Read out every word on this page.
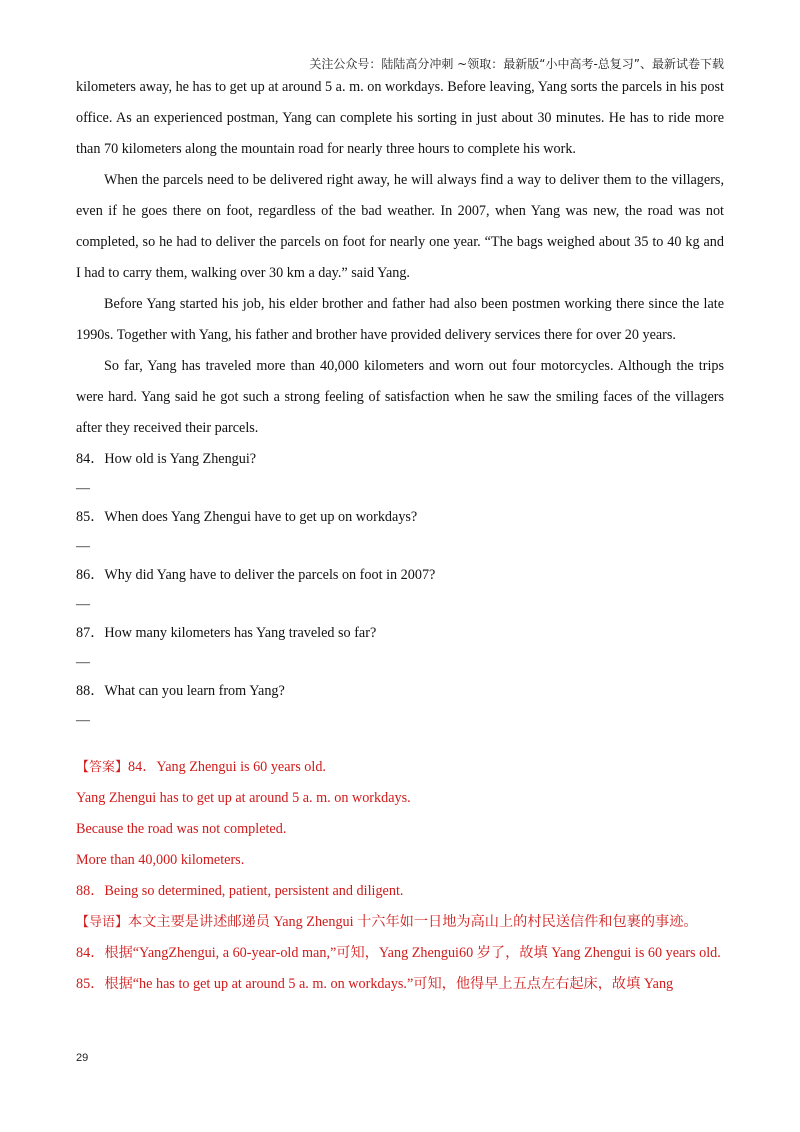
关注公众号：陆陆高分冲刺 ~领取：最新版“小中高考-总复习”、最新试卷下载

kilometers away, he has to get up at around 5 a. m. on workdays. Before leaving, Yang sorts the parcels in his post office. As an experienced postman, Yang can complete his sorting in just about 30 minutes. He has to ride more than 70 kilometers along the mountain road for nearly three hours to complete his work.

When the parcels need to be delivered right away, he will always find a way to deliver them to the villagers, even if he goes there on foot, regardless of the bad weather. In 2007, when Yang was new, the road was not completed, so he had to deliver the parcels on foot for nearly one year. “The bags weighed about 35 to 40 kg and I had to carry them, walking over 30 km a day.” said Yang.

Before Yang started his job, his elder brother and father had also been postmen working there since the late 1990s. Together with Yang, his father and brother have provided delivery services there for over 20 years.

So far, Yang has traveled more than 40,000 kilometers and worn out four motorcycles. Although the trips were hard. Yang said he got such a strong feeling of satisfaction when he saw the smiling faces of the villagers after they received their parcels.

84．How old is Yang Zhengui?

—

85．When does Yang Zhengui have to get up on workdays?

—

86．Why did Yang have to deliver the parcels on foot in 2007?

—

87．How many kilometers has Yang traveled so far?

—

88．What can you learn from Yang?

—

【答案】84．Yang Zhengui is 60 years old.

Yang Zhengui has to get up at around 5 a. m. on workdays.

Because the road was not completed.

More than 40,000 kilometers.

88．Being so determined, patient, persistent and diligent.

【导语】本文主要是讲述邮递员 Yang Zhengui 十六年如一日地为高山上的村民送信件和包裹的事迹。

84．根据“YangZhengui, a 60-year-old man,”可知，Yang Zhengui60 岁了，故填 Yang Zhengui is 60 years old.

85．根据“he has to get up at around 5 a. m. on workdays.”可知，他得早上五点左右起床，故填 Yang

29
